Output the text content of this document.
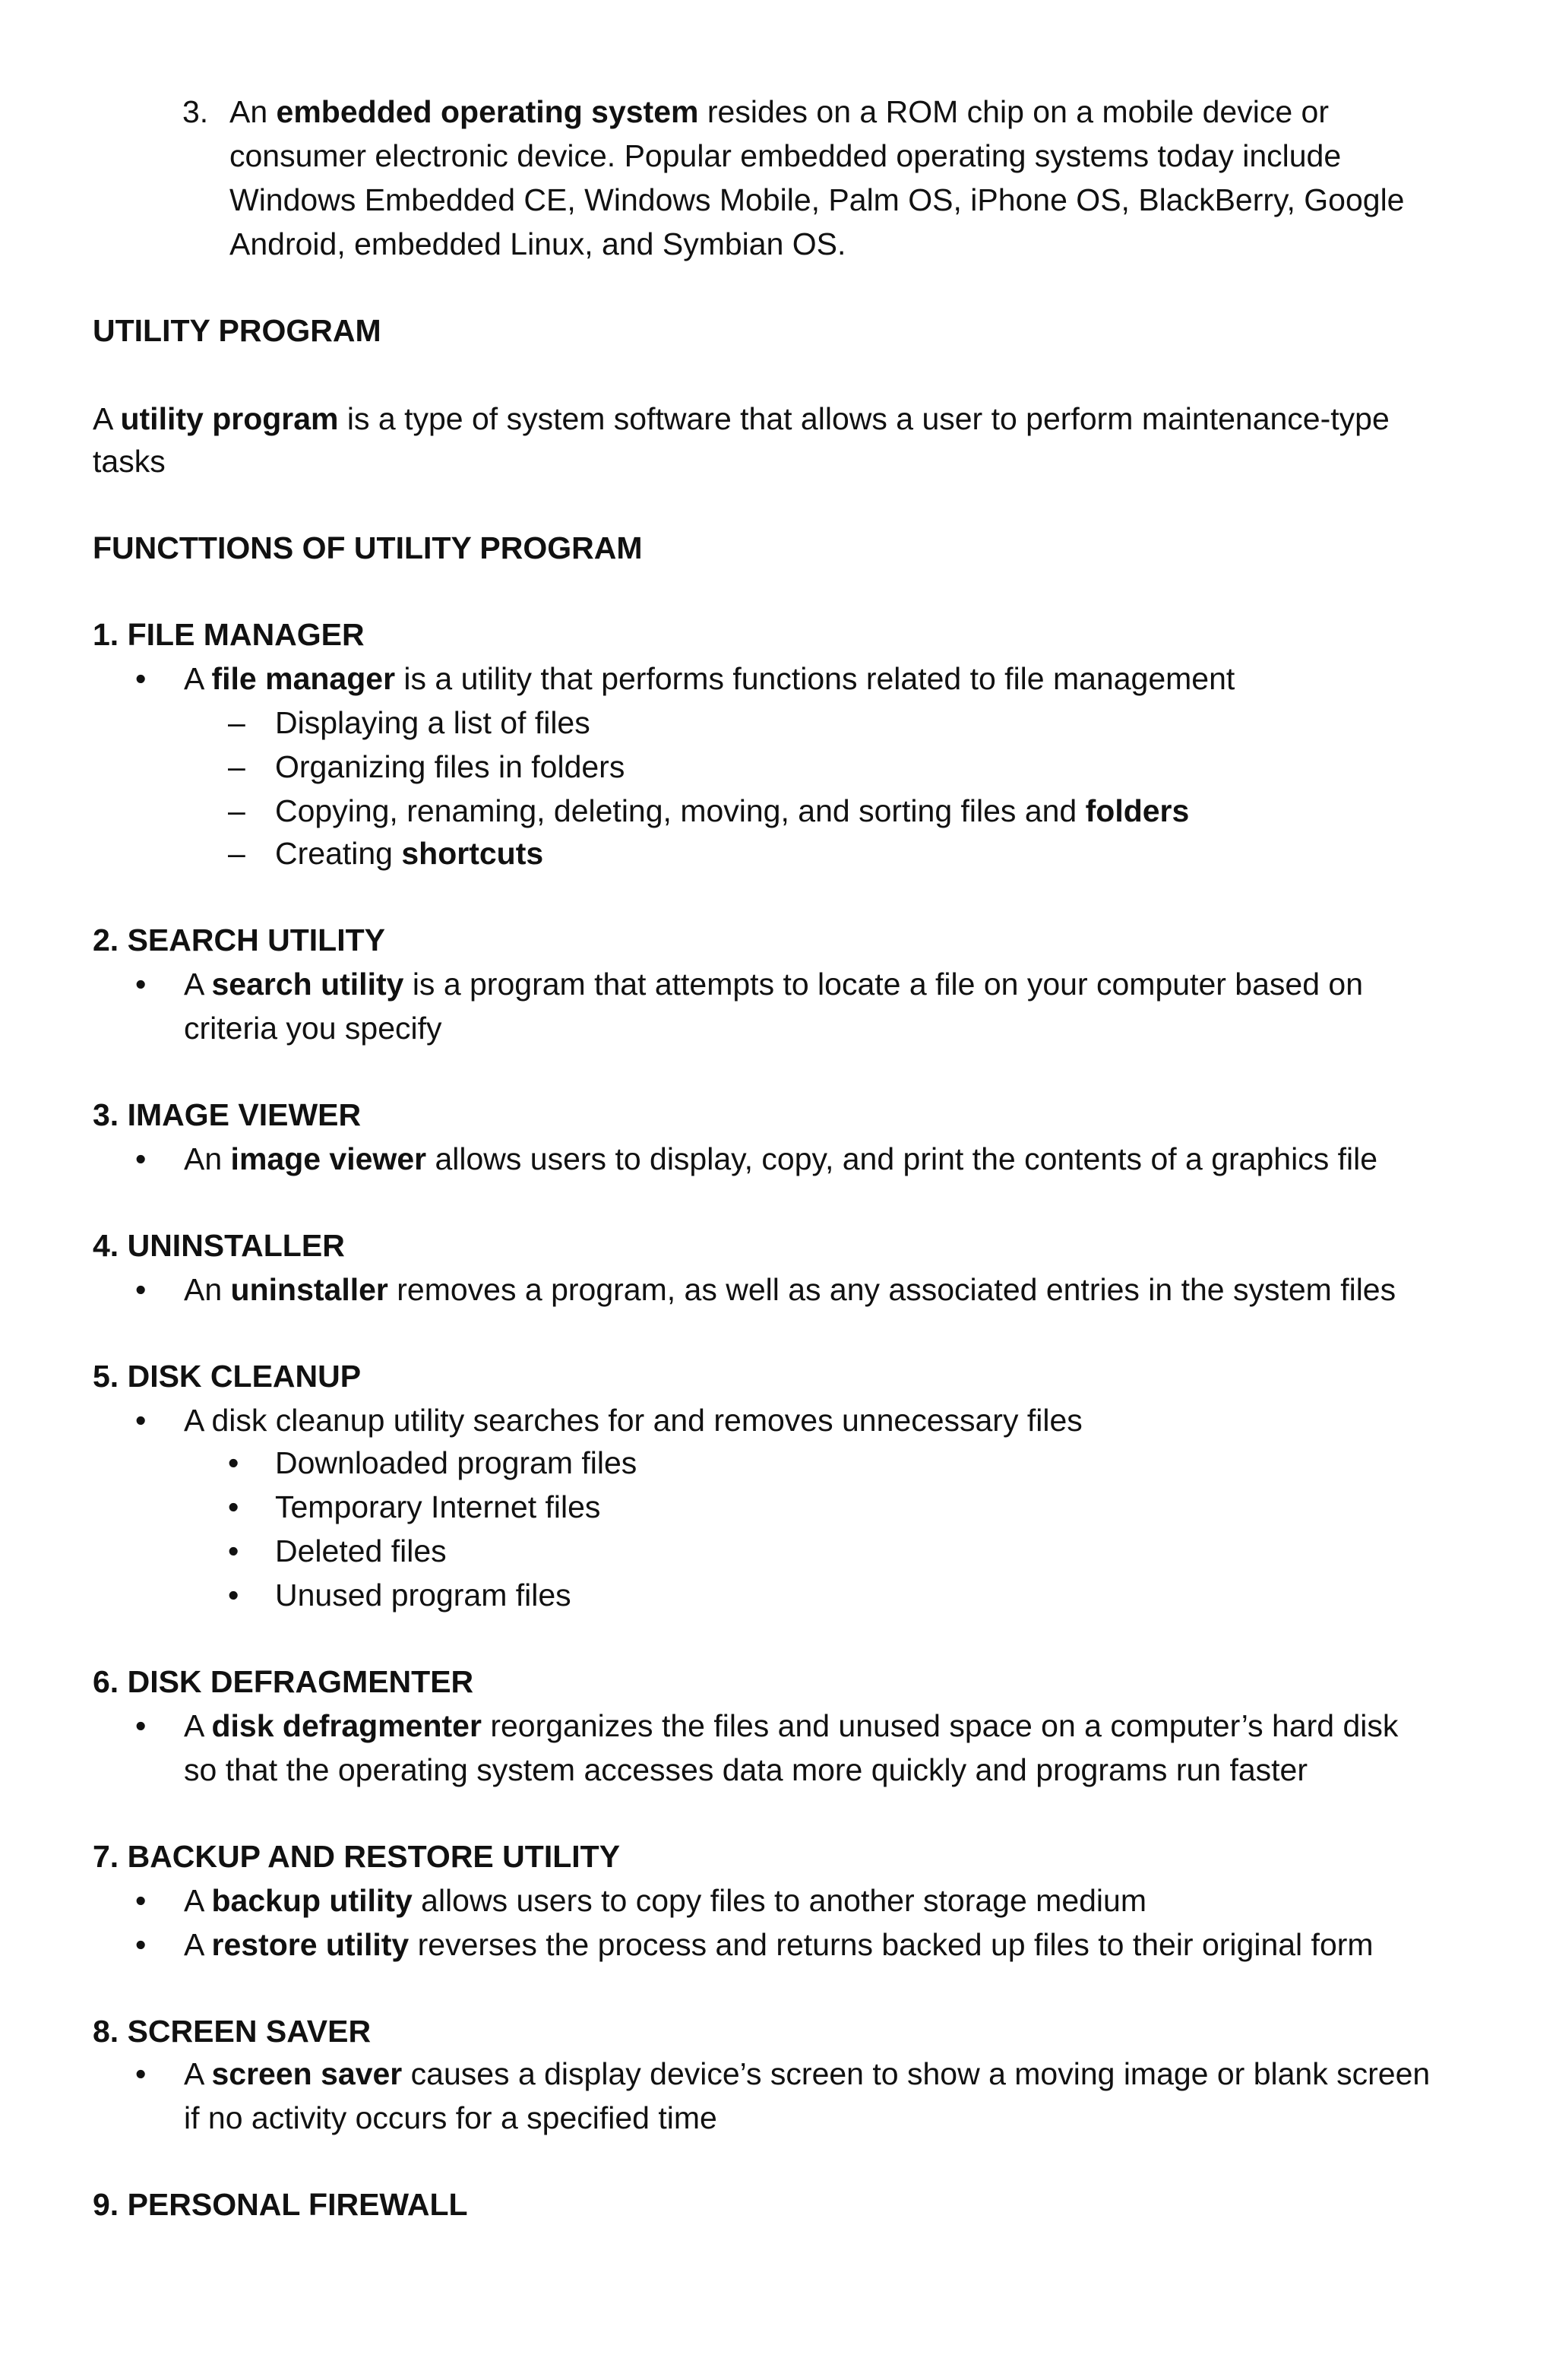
3. An embedded operating system resides on a ROM chip on a mobile device or
consumer electronic device. Popular embedded operating systems today include
Windows Embedded CE, Windows Mobile, Palm OS, iPhone OS, BlackBerry, Google
Android, embedded Linux, and Symbian OS.
UTILITY PROGRAM
A utility program is a type of system software that allows a user to perform maintenance-type
tasks
FUNCTTIONS OF UTILITY PROGRAM
1. FILE MANAGER
• A file manager is a utility that performs functions related to file management
– Displaying a list of files
– Organizing files in folders
– Copying, renaming, deleting, moving, and sorting files and folders
– Creating shortcuts
2. SEARCH UTILITY
• A search utility is a program that attempts to locate a file on your computer based on
criteria you specify
3. IMAGE VIEWER
• An image viewer allows users to display, copy, and print the contents of a graphics file
4. UNINSTALLER
• An uninstaller removes a program, as well as any associated entries in the system files
5. DISK CLEANUP
• A disk cleanup utility searches for and removes unnecessary files
• Downloaded program files
• Temporary Internet files
• Deleted files
• Unused program files
6. DISK DEFRAGMENTER
• A disk defragmenter reorganizes the files and unused space on a computer’s hard disk
so that the operating system accesses data more quickly and programs run faster
7. BACKUP AND RESTORE UTILITY
• A backup utility allows users to copy files to another storage medium
• A restore utility reverses the process and returns backed up files to their original form
8. SCREEN SAVER
• A screen saver causes a display device’s screen to show a moving image or blank screen
if no activity occurs for a specified time
9. PERSONAL FIREWALL
